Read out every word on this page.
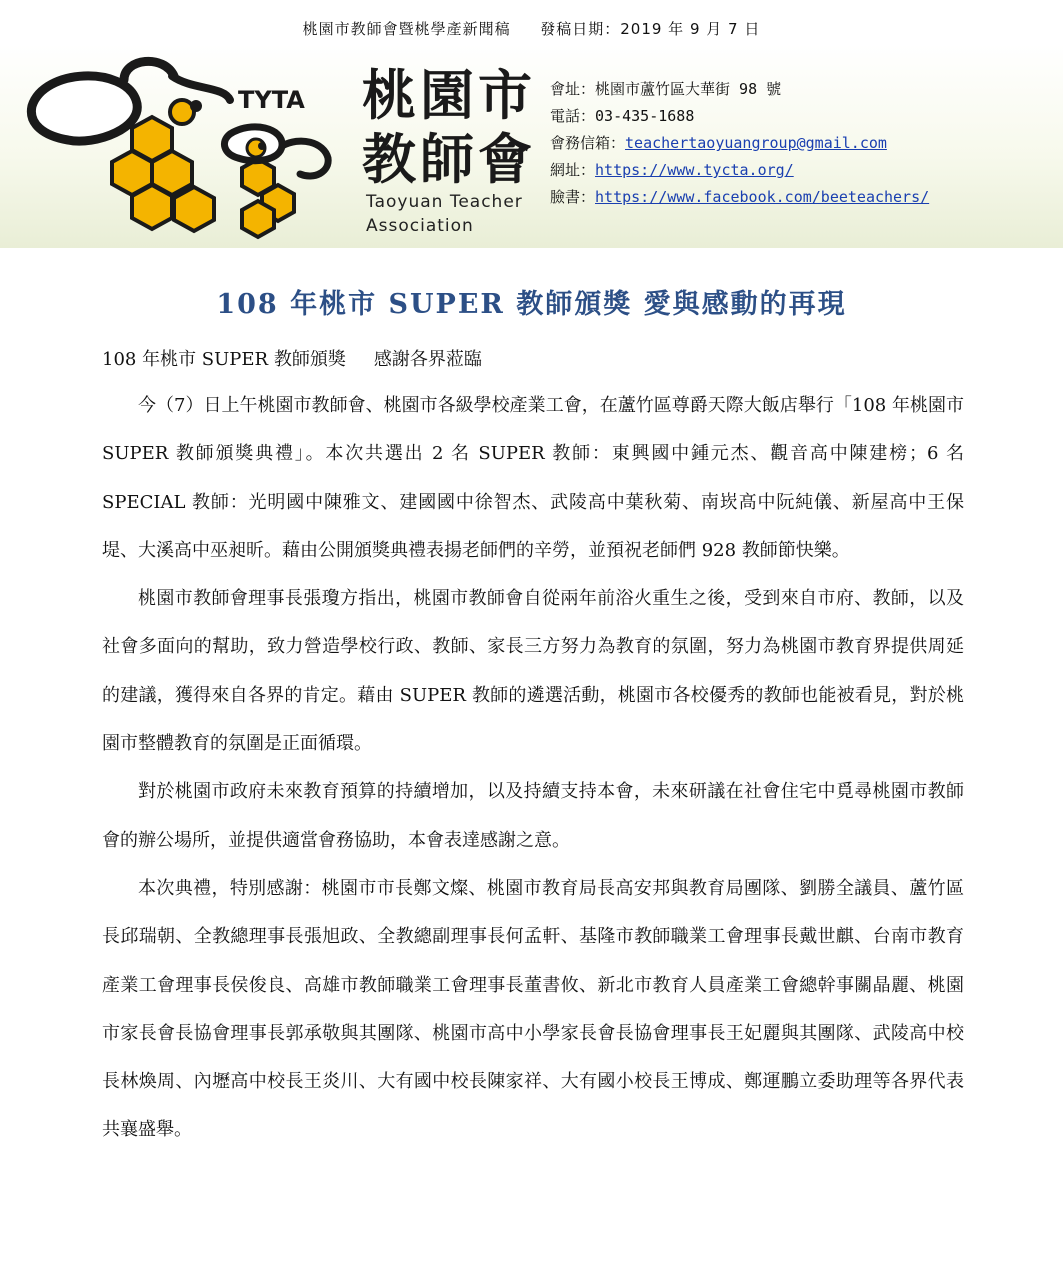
桃園市教師會暨桃學產新聞稿 發稿日期：2019 年 9 月 7 日
TYTA 桃園市
教師會
Taoyuan Teacher
Association
會址：桃園市蘆竹區大華街 98 號
電話：03-435-1688
會務信箱：teachertaoyuangroup@gmail.com
網址：https://www.tycta.org/
臉書：https://www.facebook.com/beeteachers/
108 年桃市 SUPER 教師頒獎 愛與感動的再現
108 年桃市 SUPER 教師頒獎 感謝各界蒞臨

今（7）日上午桃園市教師會、桃園市各級學校產業工會，在蘆竹區尊爵天際大飯店舉行「108 年桃園市 SUPER 教師頒獎典禮」。本次共選出 2 名 SUPER 教師：東興國中鍾元杰、觀音高中陳建榜；6 名 SPECIAL 教師：光明國中陳雅文、建國國中徐智杰、武陵高中葉秋菊、南崁高中阮純儀、新屋高中王保堤、大溪高中巫昶昕。藉由公開頒獎典禮表揚老師們的辛勞，並預祝老師們 928 教師節快樂。

桃園市教師會理事長張瓊方指出，桃園市教師會自從兩年前浴火重生之後，受到來自市府、教師，以及社會多面向的幫助，致力營造學校行政、教師、家長三方努力為教育的氛圍，努力為桃園市教育界提供周延的建議，獲得來自各界的肯定。藉由 SUPER 教師的遴選活動，桃園市各校優秀的教師也能被看見，對於桃園市整體教育的氛圍是正面循環。

對於桃園市政府未來教育預算的持續增加，以及持續支持本會，未來研議在社會住宅中覓尋桃園市教師會的辦公場所，並提供適當會務協助，本會表達感謝之意。

本次典禮，特別感謝：桃園市市長鄭文燦、桃園市教育局長高安邦與教育局團隊、劉勝全議員、蘆竹區長邱瑞朝、全教總理事長張旭政、全教總副理事長何孟軒、基隆市教師職業工會理事長戴世麒、台南市教育產業工會理事長侯俊良、高雄市教師職業工會理事長董書攸、新北市教育人員產業工會總幹事關晶麗、桃園市家長會長協會理事長郭承敬與其團隊、桃園市高中小學家長會長協會理事長王妃麗與其團隊、武陵高中校長林煥周、內壢高中校長王炎川、大有國中校長陳家祥、大有國小校長王博成、鄭運鵬立委助理等各界代表共襄盛舉。
